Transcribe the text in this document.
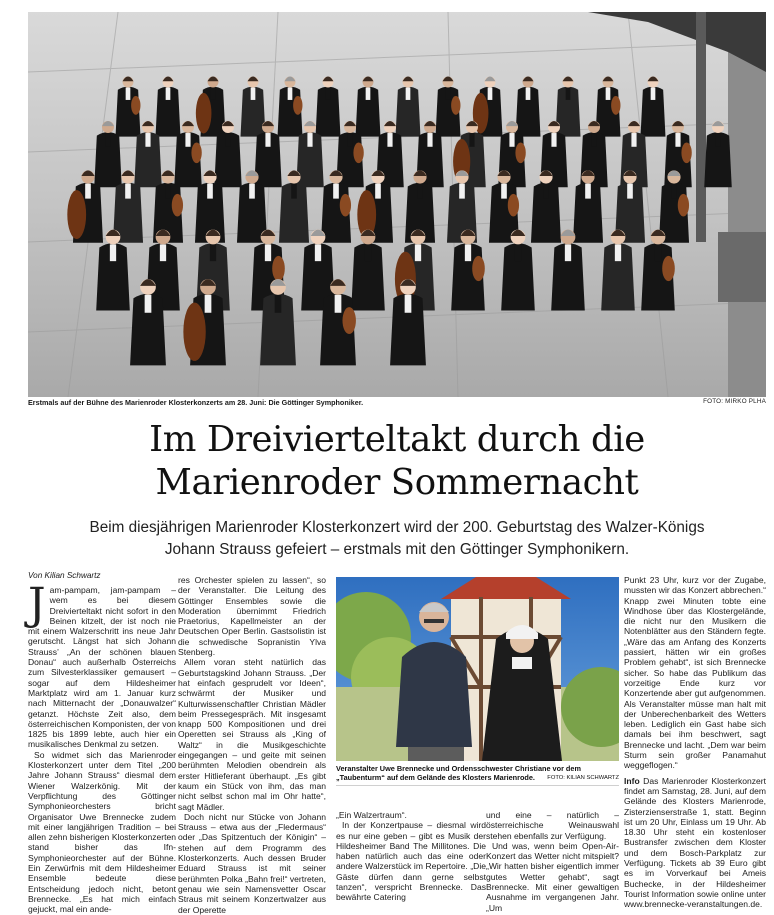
Erstmals auf der Bühne des Marienroder Klosterkonzerts am 28. Juni: Die Göttinger Symphoniker.	FOTO: MIRKO PLHA
Im Dreivierteltakt durch die
Marienroder Sommernacht
Beim diesjährigen Marienroder Klosterkonzert wird der 200. Geburtstag des Walzer-Königs
Johann Strauss gefeiert – erstmals mit den Göttinger Symphonikern.
Von Kilian Schwartz

Jam-pampam, jam-pampam – wem es bei diesem Dreivierteltakt nicht sofort in den Beinen kitzelt, der ist noch nie mit einem Walzerschritt ins neue Jahr gerutscht. Längst hat sich Johann Strauss’ „An der schönen blauen Donau“ auch außerhalb Österreichs zum Silvesterklassiker gemausert – sogar auf dem Hildesheimer Marktplatz wird am 1. Januar kurz nach Mitternacht der „Donauwalzer“ getanzt. Höchste Zeit also, dem österreichischen Komponisten, der von 1825 bis 1899 lebte, auch hier ein musikalisches Denkmal zu setzen.

So widmet sich das Marienroder Klosterkonzert unter dem Titel „200 Jahre Johann Strauss“ diesmal dem Wiener Walzerkönig. Mit der Verpflichtung des Göttinger Symphonieorchesters bricht Organisator Uwe Brennecke zudem mit einer langjährigen Tradition – bei allen zehn bisherigen Klosterkonzerten stand bisher das Ifn-Symphonieorchester auf der Bühne. Ein Zerwürfnis mit dem Hildesheimer Ensemble bedeute diese Entscheidung jedoch nicht, betont Brennecke. „Es hat mich einfach gejuckt, mal ein ande-

res Orchester spielen zu lassen“, so der Veranstalter. Die Leitung des Göttinger Ensembles sowie die Moderation übernimmt Friedrich Praetorius, Kapellmeister an der Deutschen Oper Berlin. Gastsolistin ist die schwedische Sopranistin Ylva Stenberg.

Allem voran steht natürlich das Geburtstagskind Johann Strauss. „Der hat einfach gesprudelt vor Ideen“, schwärmt der Musiker und Kulturwissenschaftler Christian Mädler beim Pressegespräch. Mit insgesamt knapp 500 Kompositionen und drei Operetten sei Strauss als „King of Waltz“ in die Musikgeschichte eingegangen – und geite mit seinen berühmten Melodien obendrein als erster Hitlieferant überhaupt. „Es gibt kaum ein Stück von ihm, das man nicht selbst schon mal im Ohr hatte“, sagt Mädler.

Doch nicht nur Stücke von Johann Strauss – etwa aus der „Fledermaus“ oder „Das Spitzentuch der Königin“ – stehen auf dem Programm des Klosterkonzerts. Auch dessen Bruder Eduard Strauss ist mit seiner berühmten Polka „Bahn frei!“ vertreten, genau wie sein Namensvetter Oscar Straus mit seinem Konzertwalzer aus der Operette

Veranstalter Uwe Brennecke und Ordensschwester Christiane vor dem „Taubenturm“ auf dem Gelände des Klosters Marienrode. FOTO: KILIAN SCHWARTZ

„Ein Walzertraum“.

In der Konzertpause – diesmal wird es nur eine geben – gibt es Musik der Hildesheimer Band The Millitones. Die haben natürlich auch das eine oder andere Walzerstück im Repertoire. „Die Gäste dürfen dann gerne selbst tanzen“, verspricht Brennecke. Das bewährte Catering

und eine – natürlich – österreichische Weinauswahl stehen ebenfalls zur Verfügung.

Und was, wenn beim Open-Air-Konzert das Wetter nicht mitspielt? „Wir hatten bisher eigentlich immer gutes Wetter gehabt“, sagt Brennecke. Mit einer gewaltigen Ausnahme im vergangenen Jahr. „Um

Punkt 23 Uhr, kurz vor der Zugabe, mussten wir das Konzert abbrechen.“ Knapp zwei Minuten tobte eine Windhose über das Klostergelände, die nicht nur den Musikern die Notenblätter aus den Ständern fegte. „Wäre das am Anfang des Konzerts passiert, hätten wir ein großes Problem gehabt“, ist sich Brennecke sicher. So habe das Publikum das vorzeitige Ende kurz vor Konzertende aber gut aufgenommen. Als Veranstalter müsse man halt mit der Unberechenbarkeit des Wetters leben. Lediglich ein Gast habe sich damals bei ihm beschwert, sagt Brennecke und lacht. „Dem war beim Sturm sein großer Panamahut weggeflogen.“

Info Das Marienroder Klosterkonzert findet am Samstag, 28. Juni, auf dem Gelände des Klosters Marienrode, Zisterzienserstraße 1, statt. Beginn ist um 20 Uhr, Einlass um 19 Uhr. Ab 18.30 Uhr steht ein kostenloser Bustransfer zwischen dem Kloster und dem Bosch-Parkplatz zur Verfügung. Tickets ab 39 Euro gibt es im Vorverkauf bei Ameis Buchecke, in der Hildesheimer Tourist Information sowie online unter www.brennecke-veranstaltungen.de.
